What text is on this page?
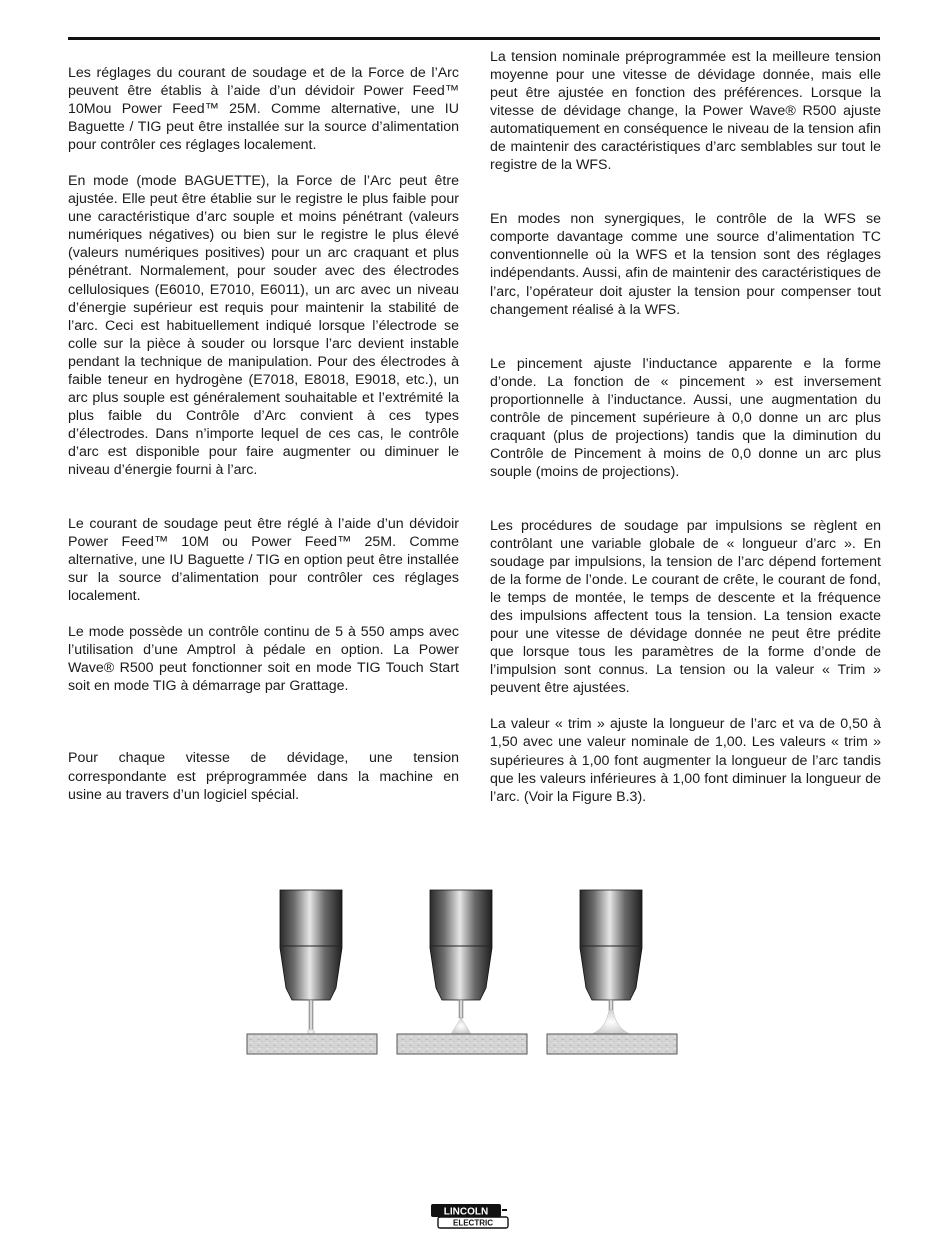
Les réglages du courant de soudage et de la Force de l’Arc peuvent être établis à l’aide d’un dévidoir Power Feed™ 10Mou Power Feed™ 25M. Comme alternative, une IU Baguette / TIG peut être installée sur la source d’alimentation pour contrôler ces réglages localement.

En mode (mode BAGUETTE), la Force de l’Arc peut être ajustée. Elle peut être établie sur le registre le plus faible pour une caractéristique d’arc souple et moins pénétrant (valeurs numériques négatives) ou bien sur le registre le plus élevé (valeurs numériques positives) pour un arc craquant et plus pénétrant. Normalement, pour souder avec des électrodes cellulosiques (E6010, E7010, E6011), un arc avec un niveau d’énergie supérieur est requis pour maintenir la stabilité de l’arc. Ceci est habituellement indiqué lorsque l’électrode se colle sur la pièce à souder ou lorsque l’arc devient instable pendant la technique de manipulation. Pour des électrodes à faible teneur en hydrogène (E7018, E8018, E9018, etc.), un arc plus souple est généralement souhaitable et l’extrémité la plus faible du Contrôle d’Arc convient à ces types d’électrodes. Dans n’importe lequel de ces cas, le contrôle d’arc est disponible pour faire augmenter ou diminuer le niveau d’énergie fourni à l’arc.

Le courant de soudage peut être réglé à l’aide d’un dévidoir Power Feed™ 10M ou Power Feed™ 25M. Comme alternative, une IU Baguette / TIG en option peut être installée sur la source d’alimentation pour contrôler ces réglages localement.

Le mode possède un contrôle continu de 5 à 550 amps avec l’utilisation d’une Amptrol à pédale en option. La Power Wave® R500 peut fonctionner soit en mode TIG Touch Start soit en mode TIG à démarrage par Grattage.

Pour chaque vitesse de dévidage, une tension correspondante est préprogrammée dans la machine en usine au travers d’un logiciel spécial.

La tension nominale préprogrammée est la meilleure tension moyenne pour une vitesse de dévidage donnée, mais elle peut être ajustée en fonction des préférences. Lorsque la vitesse de dévidage change, la Power Wave® R500 ajuste automatiquement en conséquence le niveau de la tension afin de maintenir des caractéristiques d’arc semblables sur tout le registre de la WFS.

En modes non synergiques, le contrôle de la WFS se comporte davantage comme une source d’alimentation TC conventionnelle où la WFS et la tension sont des réglages indépendants. Aussi, afin de maintenir des caractéristiques de l’arc, l’opérateur doit ajuster la tension pour compenser tout changement réalisé à la WFS.

Le pincement ajuste l’inductance apparente e la forme d’onde. La fonction de « pincement » est inversement proportionnelle à l’inductance. Aussi, une augmentation du contrôle de pincement supérieure à 0,0 donne un arc plus craquant (plus de projections) tandis que la diminution du Contrôle de Pincement à moins de 0,0 donne un arc plus souple (moins de projections).

Les procédures de soudage par impulsions se règlent en contrôlant une variable globale de « longueur d’arc ». En soudage par impulsions, la tension de l’arc dépend fortement de la forme de l’onde. Le courant de crête, le courant de fond, le temps de montée, le temps de descente et la fréquence des impulsions affectent tous la tension. La tension exacte pour une vitesse de dévidage donnée ne peut être prédite que lorsque tous les paramètres de la forme d’onde de l’impulsion sont connus. La tension ou la valeur « Trim » peuvent être ajustées.

La valeur « trim » ajuste la longueur de l’arc et va de 0,50 à 1,50 avec une valeur nominale de 1,00. Les valeurs « trim » supérieures à 1,00 font augmenter la longueur de l’arc tandis que les valeurs inférieures à 1,00 font diminuer la longueur de l’arc. (Voir la Figure B.3).

LINCOLN
ELECTRIC
